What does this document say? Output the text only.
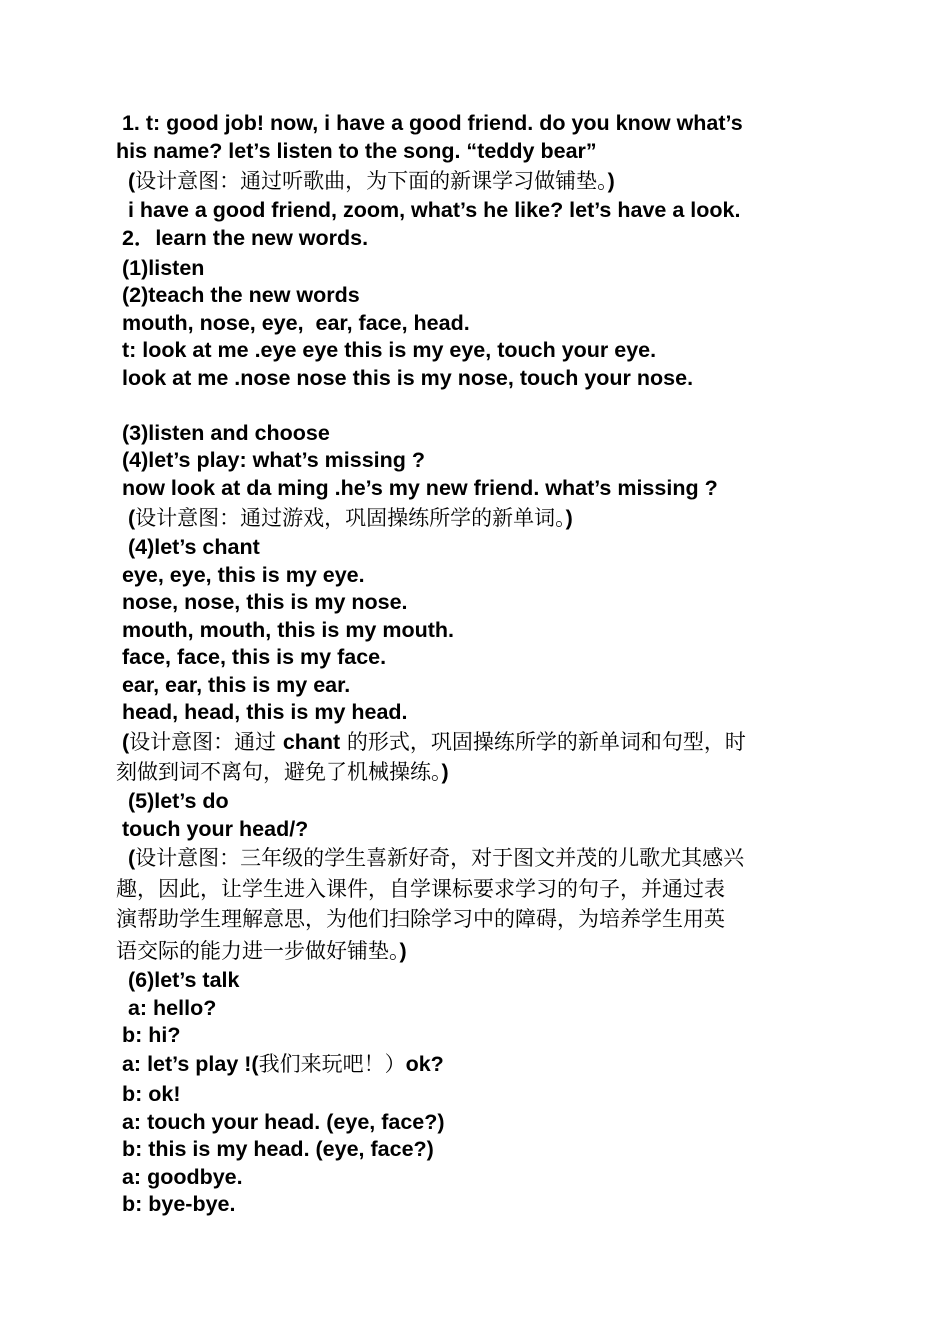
1. t: good job! now, i have a good friend. do you know what’s
his name? let’s listen to the song. “teddy bear”
(设计意图：通过听歌曲，为下面的新课学习做铺垫。)
i have a good friend, zoom, what’s he like? let’s have a look.
2．learn the new words.
(1)listen
(2)teach the new words
mouth, nose, eye,  ear, face, head.
t: look at me .eye eye this is my eye, touch your eye.
look at me .nose nose this is my nose, touch your nose.
(3)listen and choose
(4)let’s play: what’s missing ?
now look at da ming .he’s my new friend. what’s missing ?
(设计意图：通过游戏，巩固操练所学的新单词。)
(4)let’s chant
eye, eye, this is my eye.
nose, nose, this is my nose.
mouth, mouth, this is my mouth.
face, face, this is my face.
ear, ear, this is my ear.
head, head, this is my head.
(设计意图：通过 chant 的形式，巩固操练所学的新单词和句型，时
刻做到词不离句，避免了机械操练。)
(5)let’s do
touch your head/?
(设计意图：三年级的学生喜新好奇，对于图文并茂的儿歌尤其感兴
趣，因此，让学生进入课件，自学课标要求学习的句子，并通过表
演帮助学生理解意思，为他们扫除学习中的障碍，为培养学生用英
语交际的能力进一步做好铺垫。)
(6)let’s talk
a: hello?
b: hi?
a: let’s play !(我们来玩吧！）ok?
b: ok!
a: touch your head. (eye, face?)
b: this is my head. (eye, face?)
a: goodbye.
b: bye-bye.
